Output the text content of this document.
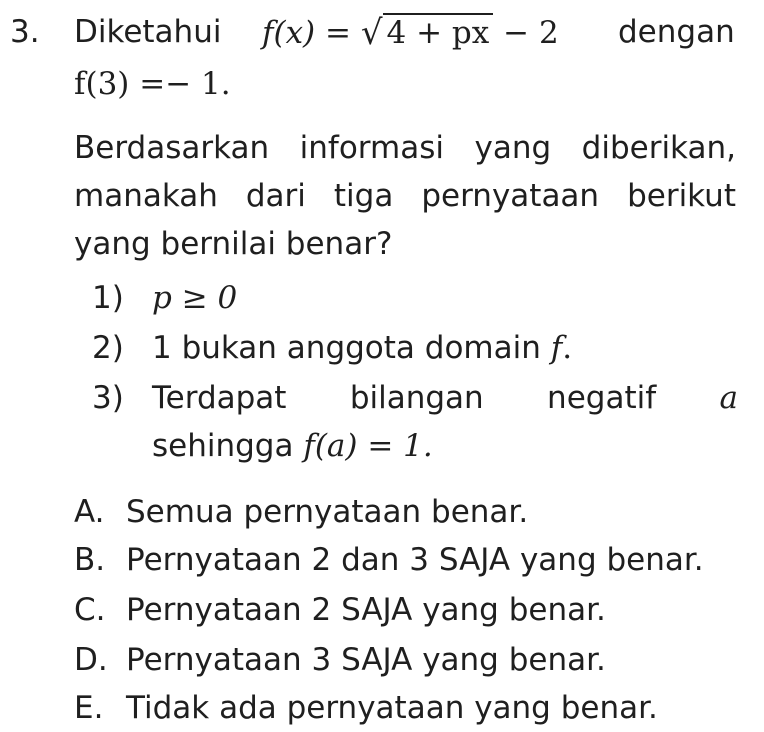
3. Diketahui f(x) = √ 4 + px − 2 dengan
f(3) =− 1.
Berdasarkan informasi yang diberikan,
manakah dari tiga pernyataan berikut
yang bernilai benar?
1) p ≥ 0
2) 1 bukan anggota domain f.
3) Terdapat bilangan negatif a
sehingga f(a) = 1.
A. Semua pernyataan benar.
B. Pernyataan 2 dan 3 SAJA yang benar.
C. Pernyataan 2 SAJA yang benar.
D. Pernyataan 3 SAJA yang benar.
E. Tidak ada pernyataan yang benar.
